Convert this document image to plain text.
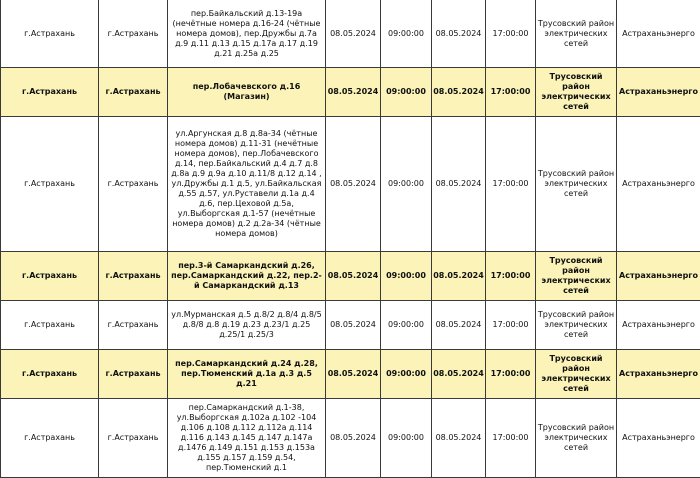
г.Астрахань	г.Астрахань	пер.Байкальский д.13-19а (нечётные номера д.16-24 (чётные номера домов), пер.Дружбы д.7а д.9 д.11 д.13 д.15 д.17а д.17 д.19 д.21 д.25а д.25	08.05.2024	09:00:00	08.05.2024	17:00:00	Трусовский район электрических сетей	Астраханьэнерго
г.Астрахань	г.Астрахань	пер.Лобачевского д.16 (Магазин)	08.05.2024	09:00:00	08.05.2024	17:00:00	Трусовский район электрических сетей	Астраханьэнерго
г.Астрахань	г.Астрахань	ул.Аргунская д.8 д.8а-34 (чётные номера домов) д.11-31 (нечётные номера домов), пер.Лобачевского д.14, пер.Байкальский д.4 д.7 д.8 д.8а д.9 д.9а д.10 д.11/8 д.12 д.14 , ул.Дружбы д.1 д.5, ул.Байкальская д.55 д.57, ул.Руставели д.1а д.4 д.6, пер.Цеховой д.5а, ул.Выборгская д.1-57 (нечётные номера домов) д.2 д.2а-34 (чётные номера домов)	08.05.2024	09:00:00	08.05.2024	17:00:00	Трусовский район электрических сетей	Астраханьэнерго
г.Астрахань	г.Астрахань	пер.3-й Самаркандский д.26, пер.Самаркандский д.22, пер.2-й Самаркандский д.13	08.05.2024	09:00:00	08.05.2024	17:00:00	Трусовский район электрических сетей	Астраханьэнерго
г.Астрахань	г.Астрахань	ул.Мурманская д.5 д.8/2 д.8/4 д.8/5 д.8/8 д.8 д.19 д.23 д.23/1 д.25 д.25/1 д.25/3	08.05.2024	09:00:00	08.05.2024	17:00:00	Трусовский район электрических сетей	Астраханьэнерго
г.Астрахань	г.Астрахань	пер.Самаркандский д.24 д.28, пер.Тюменский д.1а д.3 д.5 д.21	08.05.2024	09:00:00	08.05.2024	17:00:00	Трусовский район электрических сетей	Астраханьэнерго
г.Астрахань	г.Астрахань	пер.Самаркандский д.1-38, ул.Выборгская д.102а д.102 -104 д.106 д.108 д.112 д.112а д.114 д.116 д.143 д.145 д.147 д.147а д.1476 д.149 д.151 д.153 д.153а д.155 д.157 д.159 д.54, пер.Тюменский д.1	08.05.2024	09:00:00	08.05.2024	17:00:00	Трусовский район электрических сетей	Астраханьэнерго
